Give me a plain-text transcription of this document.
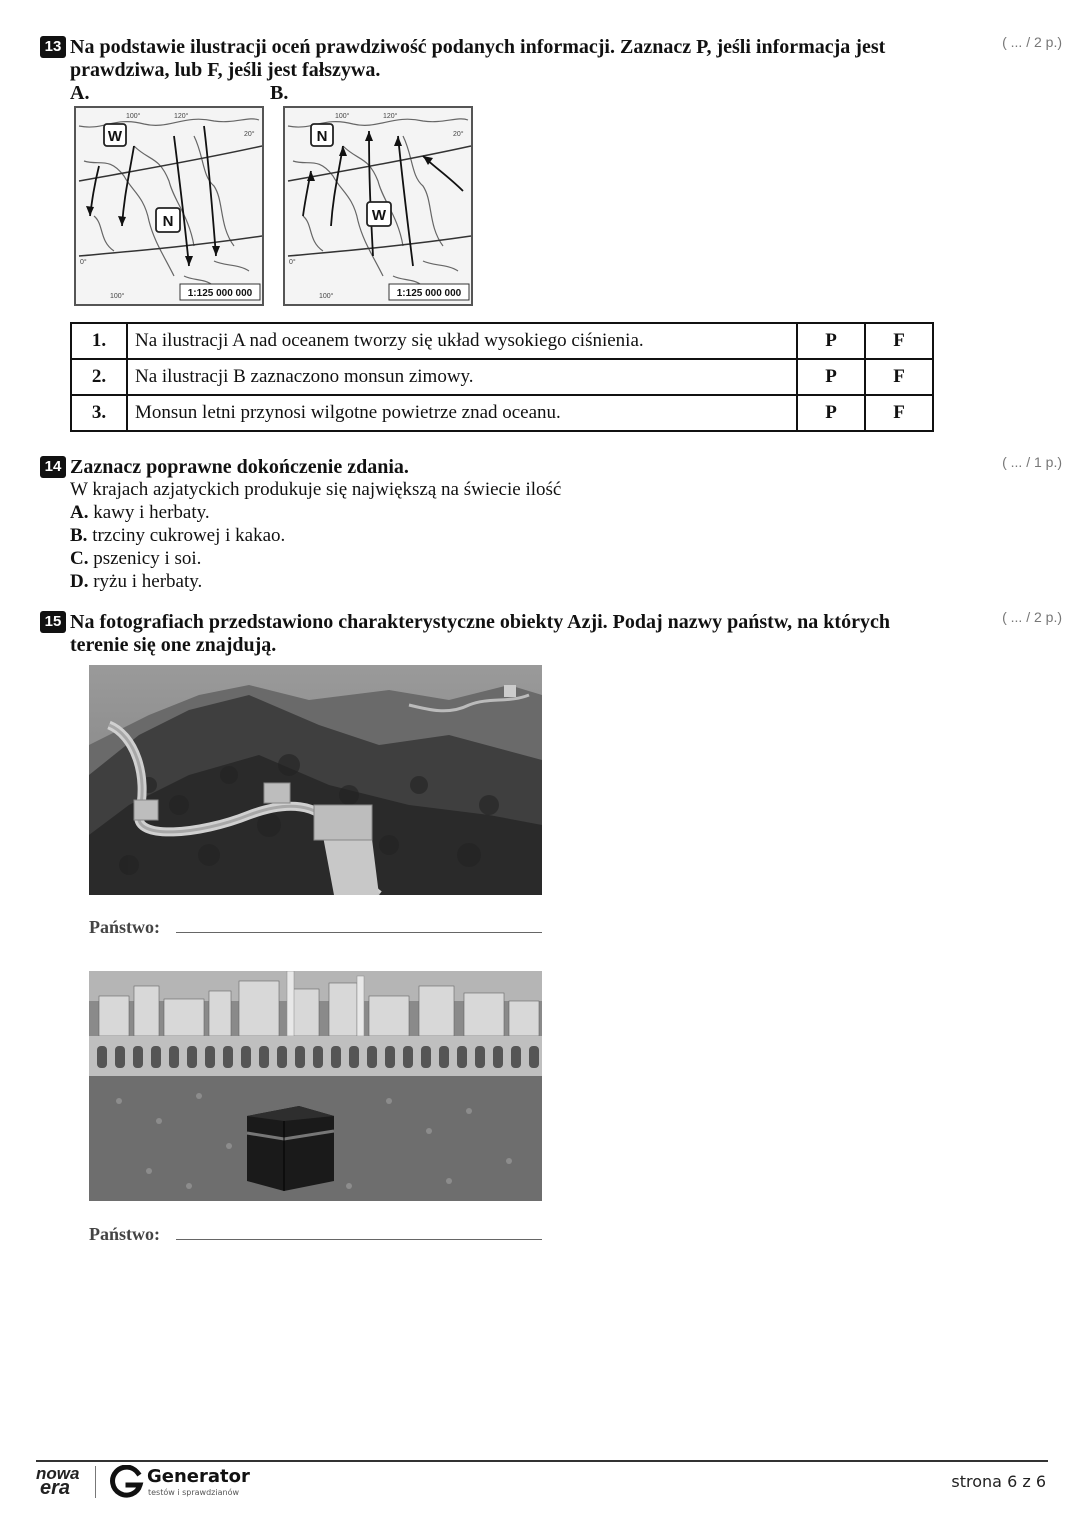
13 Na podstawie ilustracji oceń prawdziwość podanych informacji. Zaznacz P, jeśli informacja jest prawdziwa, lub F, jeśli jest fałszywa.
( ... / 2 p.)
A.	B.
W
N
100°	120°
20°
0°
100°	1:125 000 000
N
W
100°	120°
20°
0°
100°	1:125 000 000
1.	Na ilustracji A nad oceanem tworzy się układ wysokiego ciśnienia.	P	F
2.	Na ilustracji B zaznaczono monsun zimowy.	P	F
3.	Monsun letni przynosi wilgotne powietrze znad oceanu.	P	F
14 Zaznacz poprawne dokończenie zdania.	( ... / 1 p.)
W krajach azjatyckich produkuje się największą na świecie ilość
A. kawy i herbaty.
B. trzciny cukrowej i kakao.
C. pszenicy i soi.
D. ryżu i herbaty.
15 Na fotografiach przedstawiono charakterystyczne obiekty Azji. Podaj nazwy państw, na których terenie się one znajdują.
( ... / 2 p.)
Państwo:
Państwo:
nowa
era
Generator
testów i sprawdzianów
strona 6 z 6
